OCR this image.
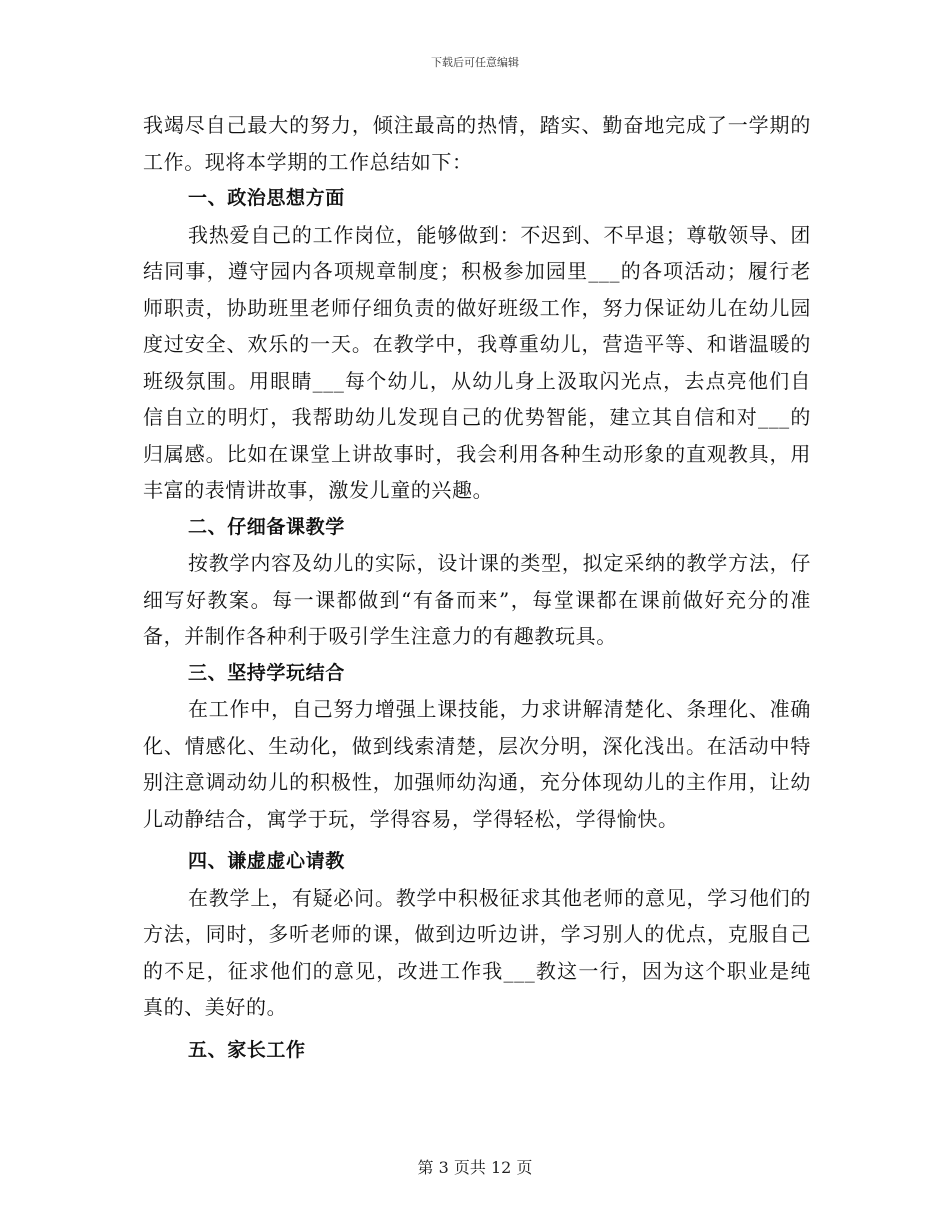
下载后可任意编辑

我竭尽自己最大的努力，倾注最高的热情，踏实、勤奋地完成了一学期的工作。现将本学期的工作总结如下：

一、政治思想方面

我热爱自己的工作岗位，能够做到：不迟到、不早退；尊敬领导、团结同事，遵守园内各项规章制度；积极参加园里___的各项活动；履行老师职责，协助班里老师仔细负责的做好班级工作，努力保证幼儿在幼儿园度过安全、欢乐的一天。在教学中，我尊重幼儿，营造平等、和谐温暖的班级氛围。用眼睛___每个幼儿，从幼儿身上汲取闪光点，去点亮他们自信自立的明灯，我帮助幼儿发现自己的优势智能，建立其自信和对___的归属感。比如在课堂上讲故事时，我会利用各种生动形象的直观教具，用丰富的表情讲故事，激发儿童的兴趣。

二、仔细备课教学

按教学内容及幼儿的实际，设计课的类型，拟定采纳的教学方法，仔细写好教案。每一课都做到“有备而来”，每堂课都在课前做好充分的准备，并制作各种利于吸引学生注意力的有趣教玩具。

三、坚持学玩结合

在工作中，自己努力增强上课技能，力求讲解清楚化、条理化、准确化、情感化、生动化，做到线索清楚，层次分明，深化浅出。在活动中特别注意调动幼儿的积极性，加强师幼沟通，充分体现幼儿的主作用，让幼儿动静结合，寓学于玩，学得容易，学得轻松，学得愉快。

四、谦虚虚心请教

在教学上，有疑必问。教学中积极征求其他老师的意见，学习他们的方法，同时，多听老师的课，做到边听边讲，学习别人的优点，克服自己的不足，征求他们的意见，改进工作我___教这一行，因为这个职业是纯真的、美好的。

五、家长工作

第 3 页共 12 页
